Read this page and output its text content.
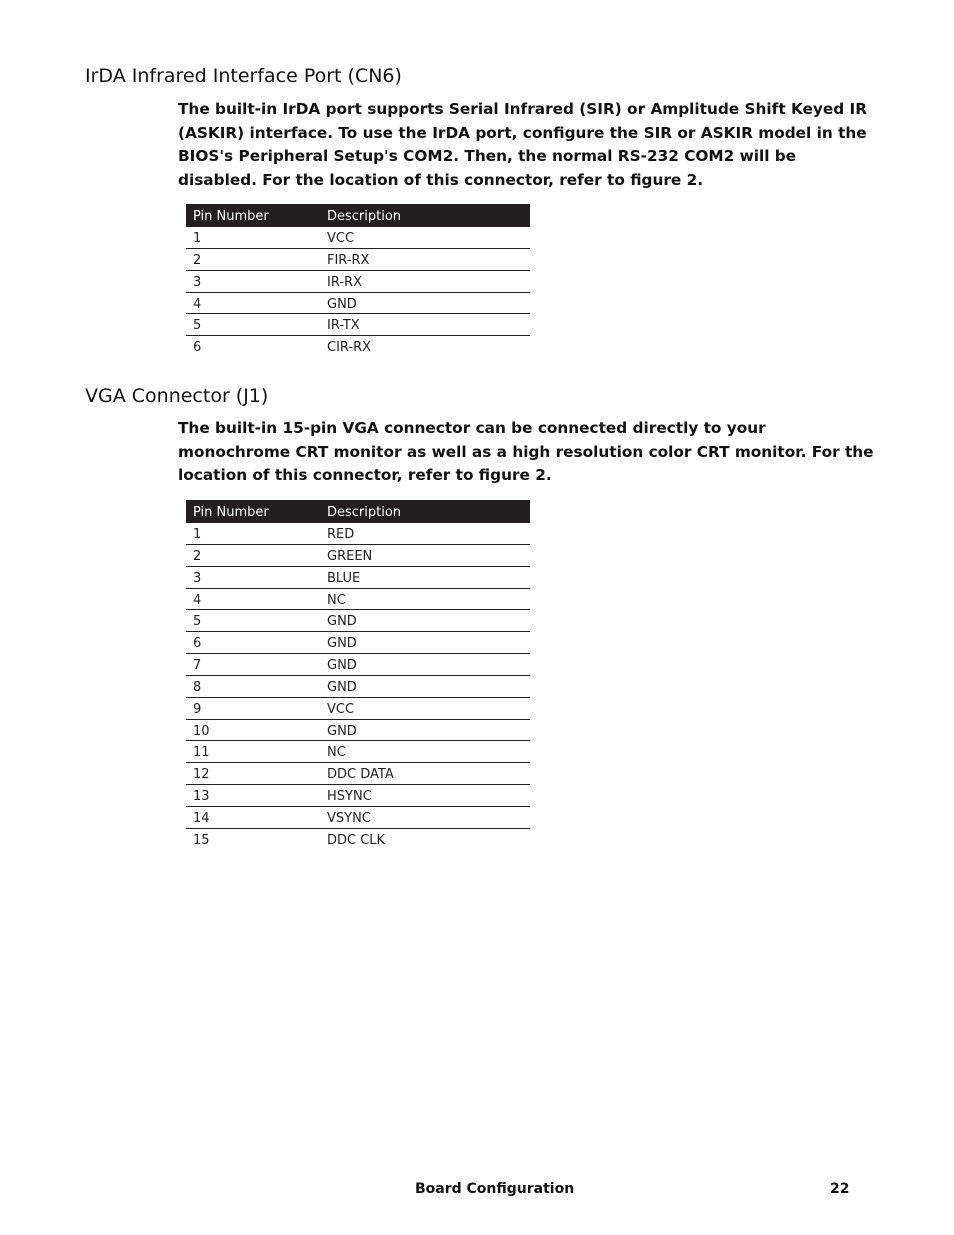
IrDA Infrared Interface Port (CN6)

The built-in IrDA port supports Serial Infrared (SIR) or Amplitude Shift Keyed IR (ASKIR) interface. To use the IrDA port, configure the SIR or ASKIR model in the BIOS's Peripheral Setup's COM2. Then, the normal RS-232 COM2 will be disabled. For the location of this connector, refer to figure 2.

Pin Number	Description
1	VCC
2	FIR-RX
3	IR-RX
4	GND
5	IR-TX
6	CIR-RX
VGA Connector (J1)

The built-in 15-pin VGA connector can be connected directly to your monochrome CRT monitor as well as a high resolution color CRT monitor. For the location of this connector, refer to figure 2.

Pin Number	Description
1	RED
2	GREEN
3	BLUE
4	NC
5	GND
6	GND
7	GND
8	GND
9	VCC
10	GND
11	NC
12	DDC DATA
13	HSYNC
14	VSYNC
15	DDC CLK
Board Configuration	22
